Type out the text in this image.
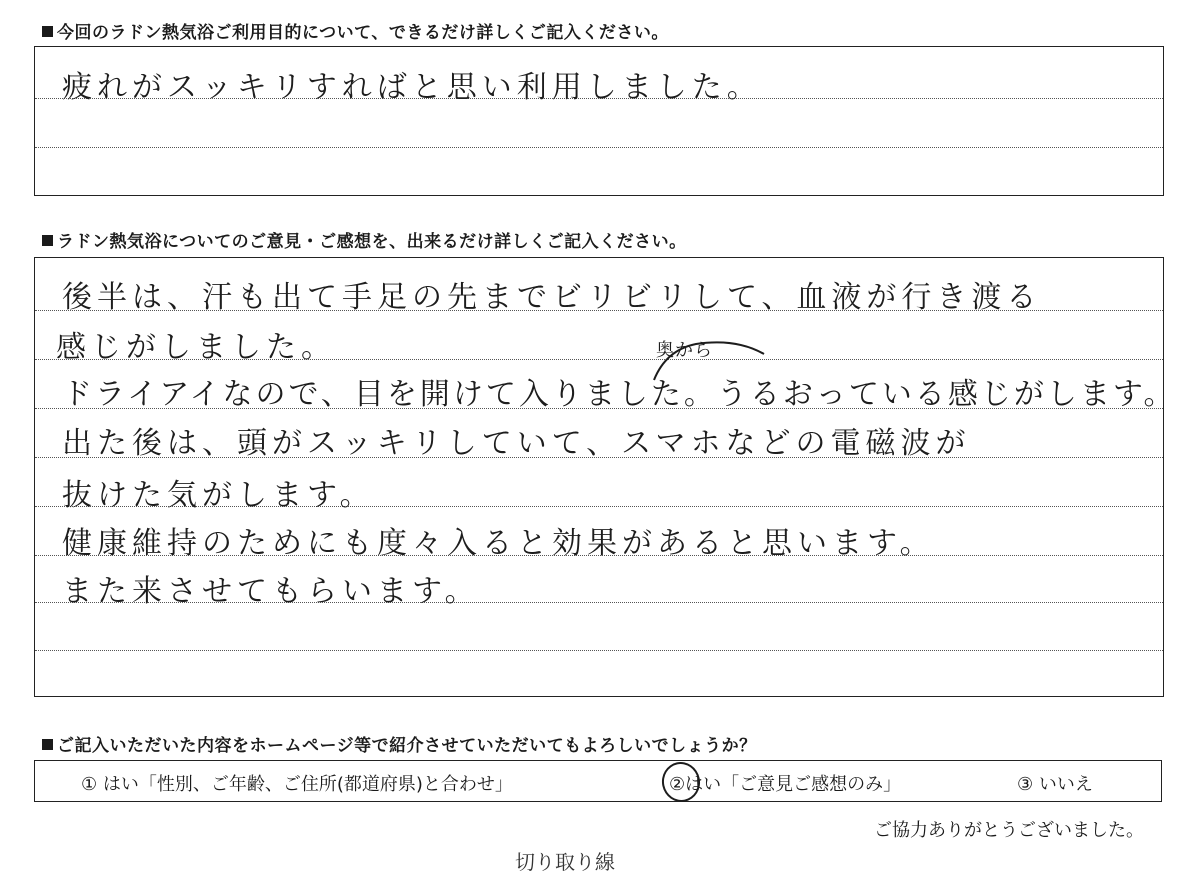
今回のラドン熱気浴ご利用目的について、できるだけ詳しくご記入ください。
疲れがスッキリすればと思い利用しました。
ラドン熱気浴についてのご意見・ご感想を、出来るだけ詳しくご記入ください。
後半は、汗も出て手足の先までビリビリして、血液が行き渡る
感じがしました。
ドライアイなので、目を開けて入りました。うるおっている感じがします。
奥から
出た後は、頭がスッキリしていて、スマホなどの電磁波が
抜けた気がします。
健康維持のためにも度々入ると効果があると思います。
また来させてもらいます。
ご記入いただいた内容をホームページ等で紹介させていただいてもよろしいでしょうか？
① はい「性別、ご年齢、ご住所(都道府県)と合わせ」	②はい「ご意見ご感想のみ」	③ いいえ
ご協力ありがとうございました。
切り取り線
